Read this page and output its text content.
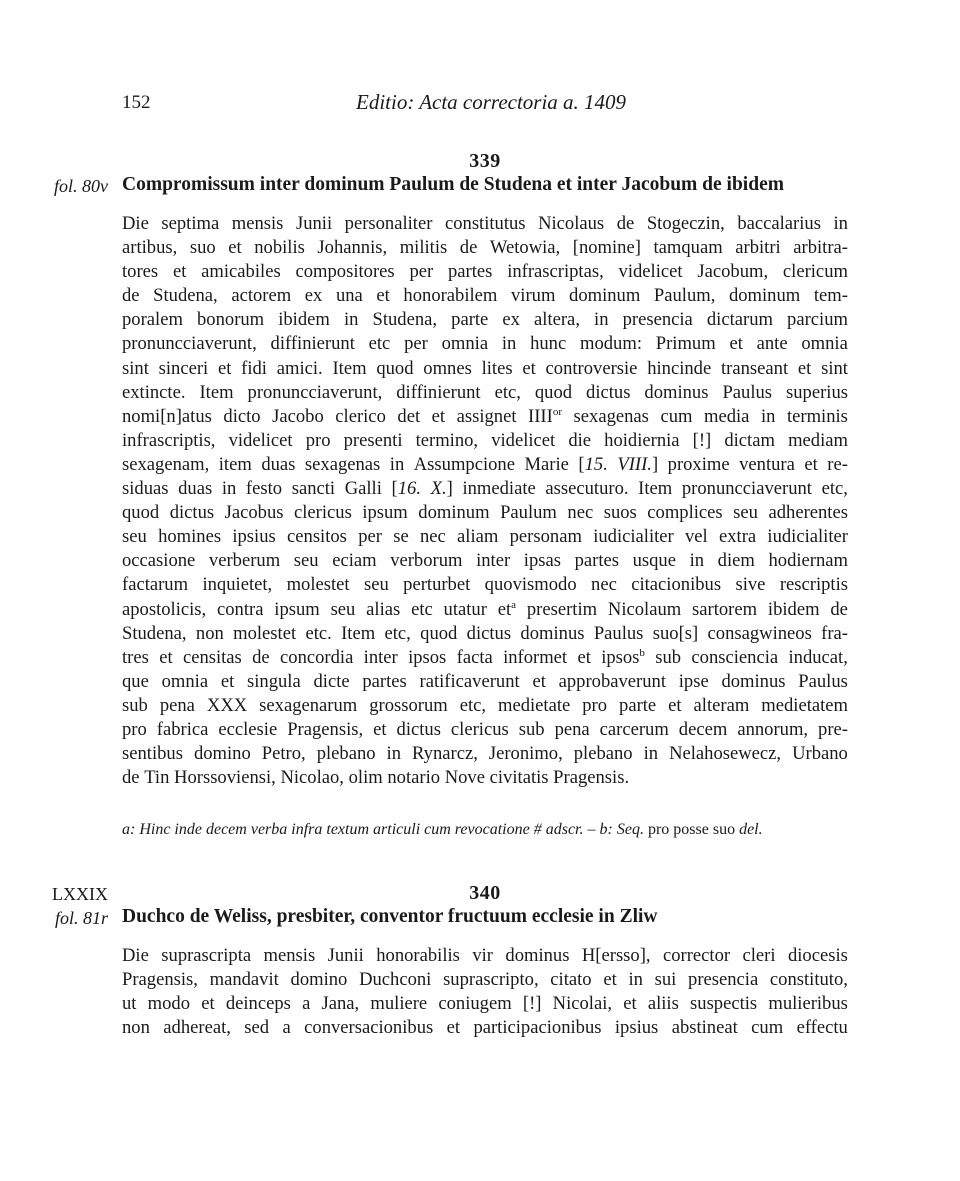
152	Editio: Acta correctoria a. 1409
339
fol. 80v Compromissum inter dominum Paulum de Studena et inter Jacobum de ibidem
Die septima mensis Junii personaliter constitutus Nicolaus de Stogeczin, baccalarius in
artibus, suo et nobilis Johannis, militis de Wetowia, [nomine] tamquam arbitri arbitra-
tores et amicabiles compositores per partes infrascriptas, videlicet Jacobum, clericum
de Studena, actorem ex una et honorabilem virum dominum Paulum, dominum tem-
poralem bonorum ibidem in Studena, parte ex altera, in presencia dictarum parcium
pronuncciaverunt, diffinierunt etc per omnia in hunc modum: Primum et ante omnia
sint sinceri et fidi amici. Item quod omnes lites et controversie hincinde transeant et sint
extincte. Item pronuncciaverunt, diffinierunt etc, quod dictus dominus Paulus superius
nomi[n]atus dicto Jacobo clerico det et assignet $IIII^{or}$ sexagenas cum media in terminis
infrascriptis, videlicet pro presenti termino, videlicet die hoidiernia [!] dictam mediam
sexagenam, item duas sexagenas in Assumpcione Marie [15. VIII.] proxime ventura et re-
siduas duas in festo sancti Galli [16. X.] inmediate assecuturo. Item pronuncciaverunt etc,
quod dictus Jacobus clericus ipsum dominum Paulum nec suos complices seu adherentes
seu homines ipsius censitos per se nec aliam personam iudicialiter vel extra iudicialiter
occasione verberum seu eciam verborum inter ipsas partes usque in diem hodiernam
factarum inquietet, molestet seu perturbet quovismodo nec citacionibus sive rescriptis
apostolicis, contra ipsum seu alias etc utatur $et^a$ presertim Nicolaum sartorem ibidem de
Studena, non molestet etc. Item etc, quod dictus dominus Paulus suo[s] consagwineos fra-
tres et censitas de concordia inter ipsos facta informet et ipsos$^b$ sub consciencia inducat,
que omnia et singula dicte partes ratificaverunt et approbaverunt ipse dominus Paulus
sub pena XXX sexagenarum grossorum etc, medietate pro parte et alteram medietatem
pro fabrica ecclesie Pragensis, et dictus clericus sub pena carcerum decem annorum, pre-
sentibus domino Petro, plebano in Rynarcz, Jeronimo, plebano in Nelahosewecz, Urbano
de
Tin
Horssoviensi,
Nicolao,
olim
notario
Nove
civitatis
Pragensis.
a: Hinc inde decem verba infra textum articuli cum revocatione # adscr. – b: Seq. pro posse suo del.
LXXIX	340
fol. 81r Duchco de Weliss, presbiter, conventor fructuum ecclesie in Zliw
Die suprascripta mensis Junii honorabilis vir dominus H[ersso], corrector cleri diocesis
Pragensis, mandavit domino Duchconi suprascripto, citato et in sui presencia constituto,
ut modo et deinceps a Jana, muliere coniugem [!] Nicolai, et aliis suspectis mulieribus
non adhereat, sed a conversacionibus et participacionibus ipsius abstineat cum effectu
